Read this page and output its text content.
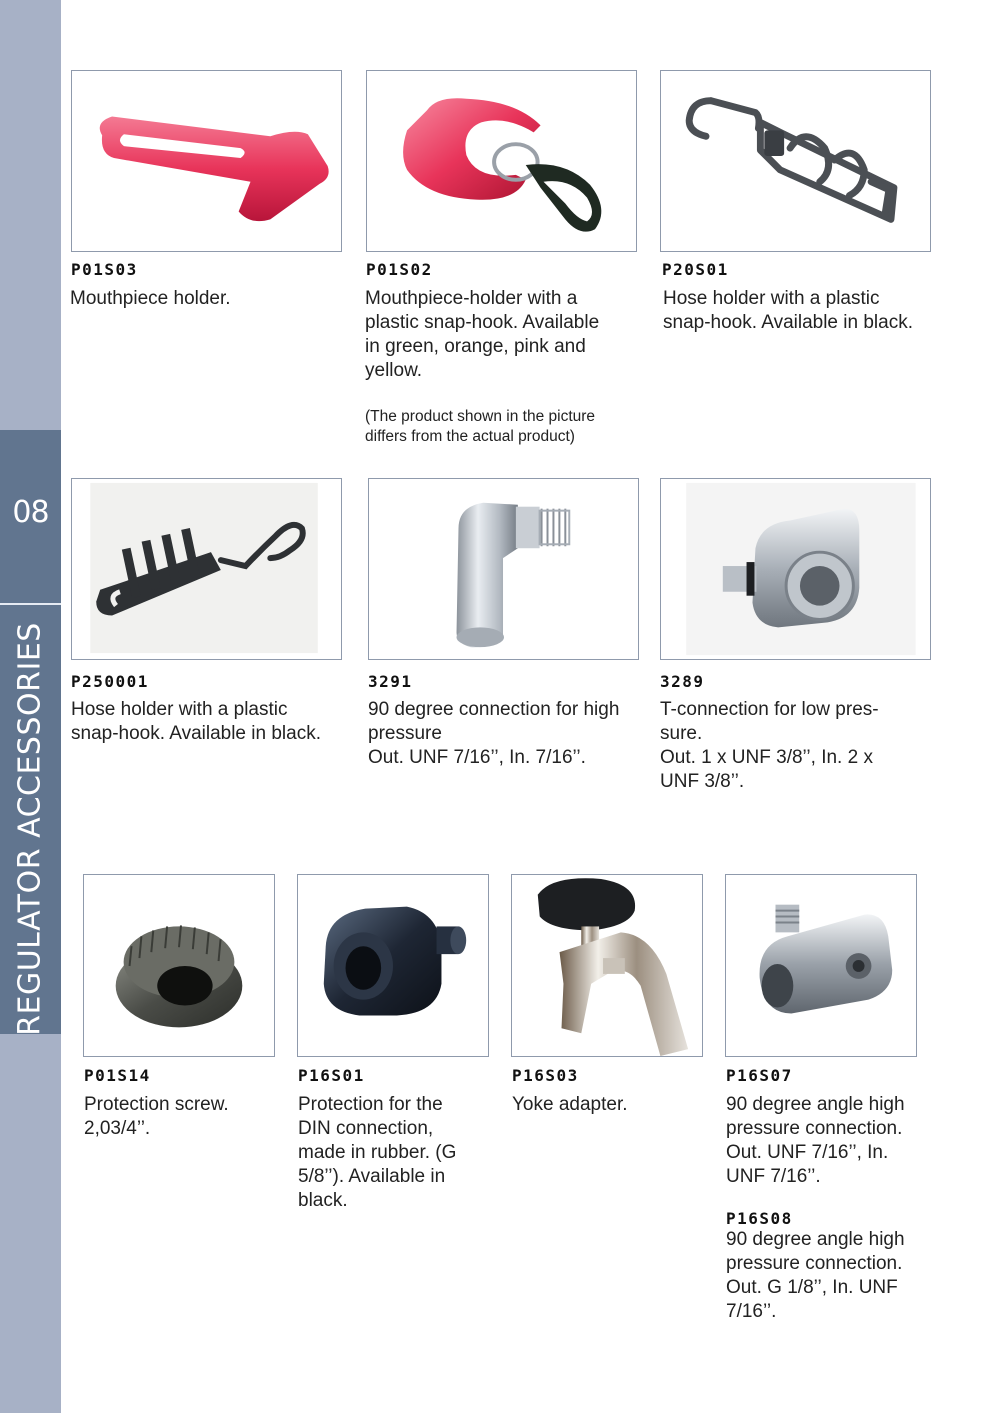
08
REGULATOR ACCESSORIES
P01S03
Mouthpiece holder.
P01S02
Mouthpiece-holder with a
plastic snap-hook. Available
in green, orange, pink and
yellow.
(The product shown in the picture
differs from the actual product)
P20S01
Hose holder with a plastic
snap-hook. Available in black.
P250001
Hose holder with a plastic
snap-hook. Available in black.
3291
90 degree connection for high
pressure
Out. UNF 7/16’’, In. 7/16’’.
3289
T-connection for low pres-
sure.
Out. 1 x UNF 3/8’’, In. 2 x
UNF 3/8’’.
P01S14
Protection screw.
2,03/4’’.
P16S01
Protection for the
DIN connection,
made in rubber. (G
5/8’’). Available in
black.
P16S03
Yoke adapter.
P16S07
90 degree angle high
pressure connection.
Out. UNF 7/16’’, In.
UNF 7/16’’.
P16S08
90 degree angle high
pressure connection.
Out. G 1/8’’, In. UNF
7/16’’.
